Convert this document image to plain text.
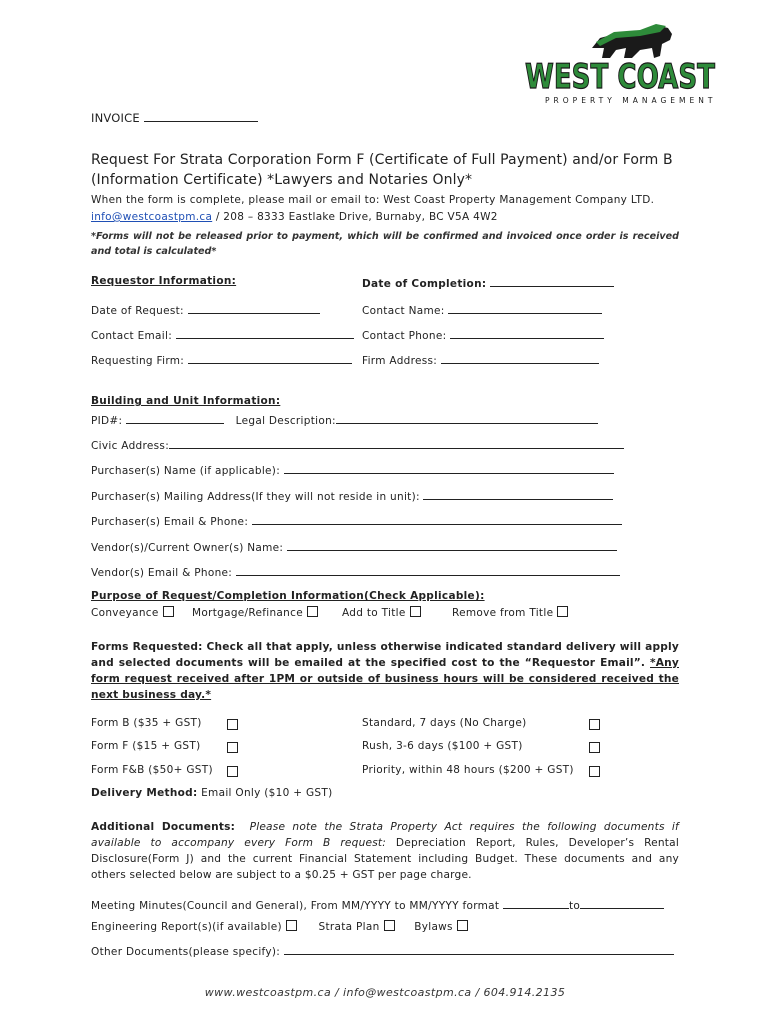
WEST COAST
PROPERTY MANAGEMENT
INVOICE
Request For Strata Corporation Form F (Certificate of Full Payment) and/or Form B
(Information Certificate) *Lawyers and Notaries Only*
When the form is complete, please mail or email to: West Coast Property Management Company LTD.
info@westcoastpm.ca / 208 – 8333 Eastlake Drive, Burnaby, BC V5A 4W2
*Forms will not be released prior to payment, which will be confirmed and invoiced once order is received and total is calculated*
Requestor Information:	Date of Completion:
Date of Request:	Contact Name:
Contact Email:	Contact Phone:
Requesting Firm:	Firm Address:
Building and Unit Information:
PID#:	Legal Description:
Civic Address:
Purchaser(s) Name (if applicable):
Purchaser(s) Mailing Address(If they will not reside in unit):
Purchaser(s) Email & Phone:
Vendor(s)/Current Owner(s) Name:
Vendor(s) Email & Phone:
Purpose of Request/Completion Information(Check Applicable):
Conveyance	Mortgage/Refinance	Add to Title	Remove from Title
Forms Requested: Check all that apply, unless otherwise indicated standard delivery will apply and selected documents will be emailed at the specified cost to the “Requestor Email”. *Any form request received after 1PM or outside of business hours will be considered received the next business day.*
Form B ($35 + GST)	Standard, 7 days (No Charge)
Form F ($15 + GST)	Rush, 3-6 days ($100 + GST)
Form F&B ($50+ GST)	Priority, within 48 hours ($200 + GST)
Delivery Method: Email Only ($10 + GST)
Additional Documents: Please note the Strata Property Act requires the following documents if available to accompany every Form B request: Depreciation Report, Rules, Developer’s Rental Disclosure(Form J) and the current Financial Statement including Budget. These documents and any others selected below are subject to a $0.25 + GST per page charge.
Meeting Minutes(Council and General), From MM/YYYY to MM/YYYY format	to
Engineering Report(s)(if available)	Strata Plan	Bylaws
Other Documents(please specify):
www.westcoastpm.ca / info@westcoastpm.ca / 604.914.2135
